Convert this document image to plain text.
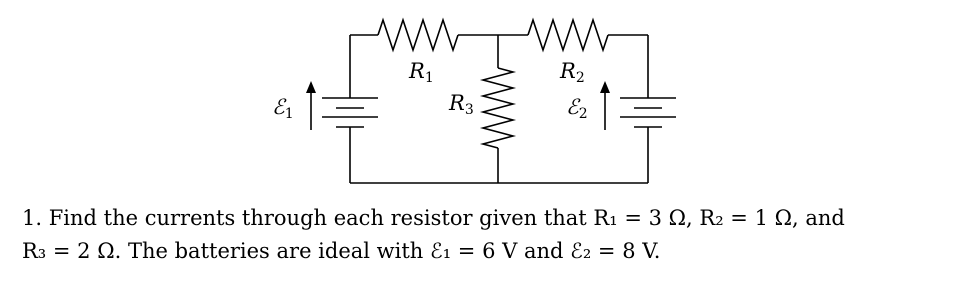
R1	R2
R3
ℰ1	ℰ2
1. Find the currents through each resistor given that R₁ = 3 Ω, R₂ = 1 Ω, and
R₃ = 2 Ω. The batteries are ideal with ℰ₁ = 6 V and ℰ₂ = 8 V.
